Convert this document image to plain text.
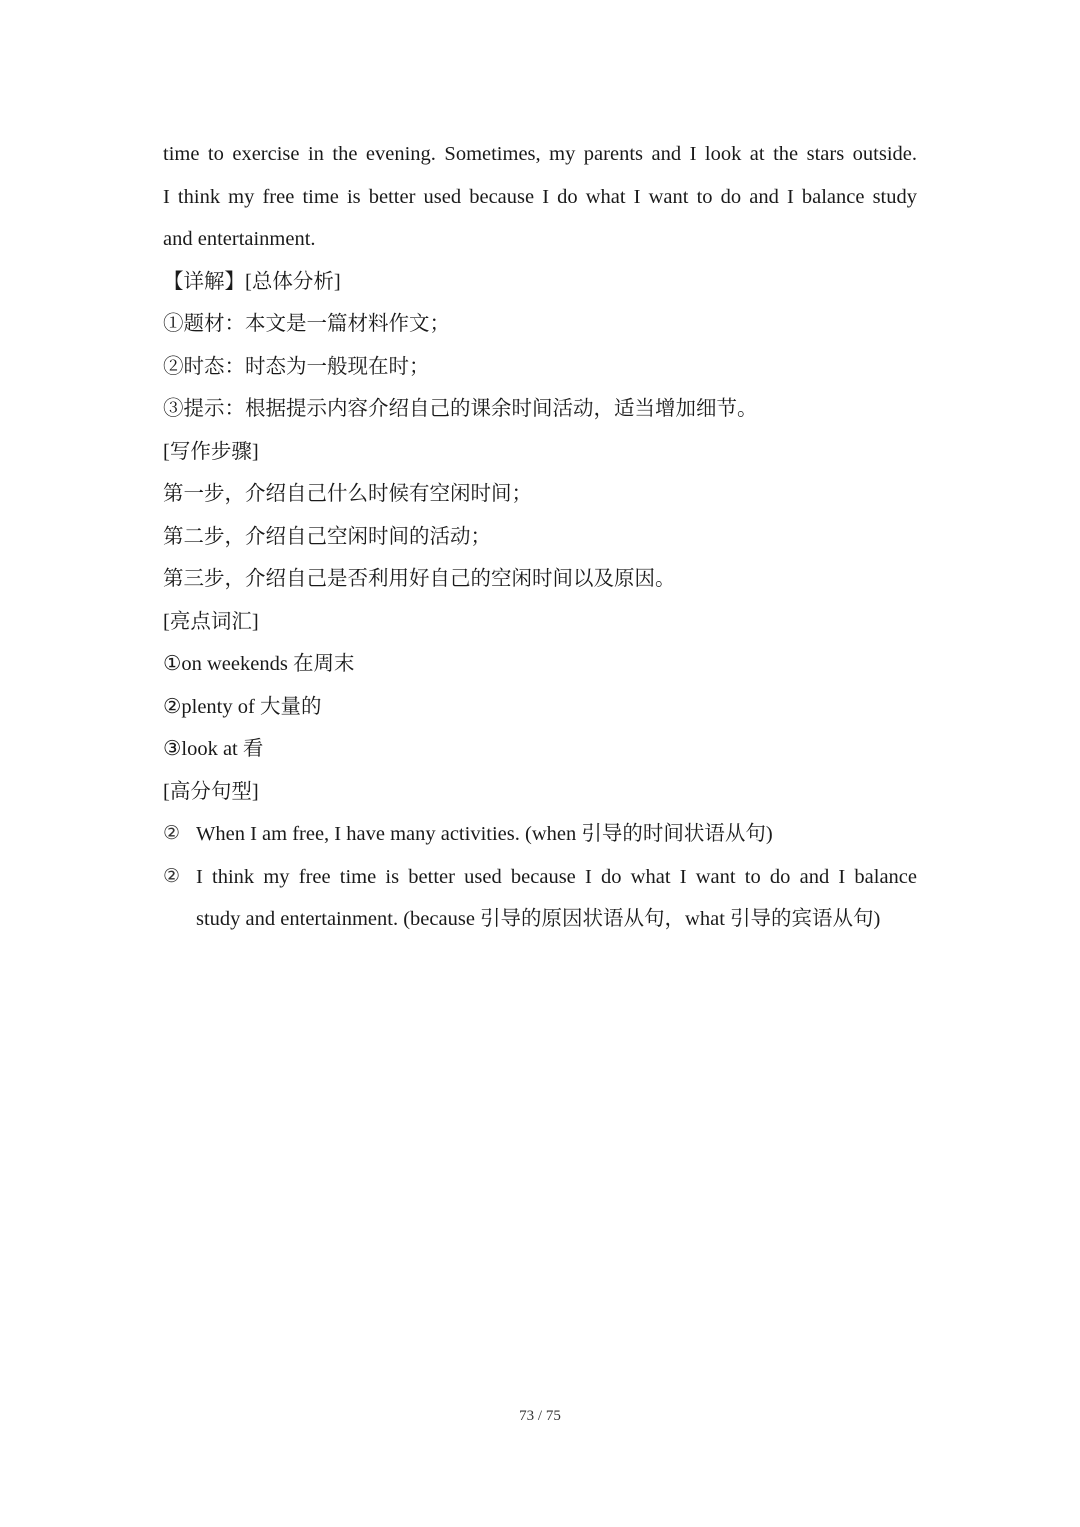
time to exercise in the evening. Sometimes, my parents and I look at the stars outside.
I think my free time is better used because I do what I want to do and I balance study
and entertainment.
【详解】[总体分析]
①题材：本文是一篇材料作文；
②时态：时态为一般现在时；
③提示：根据提示内容介绍自己的课余时间活动，适当增加细节。
[写作步骤]
第一步，介绍自己什么时候有空闲时间；
第二步，介绍自己空闲时间的活动；
第三步，介绍自己是否利用好自己的空闲时间以及原因。
[亮点词汇]
①on weekends 在周末
②plenty of 大量的
③look at 看
[高分句型]
② When I am free, I have many activities. (when 引导的时间状语从句)
② I think my free time is better used because I do what I want to do and I balance
study and entertainment. (because 引导的原因状语从句，what 引导的宾语从句)
73 / 75
